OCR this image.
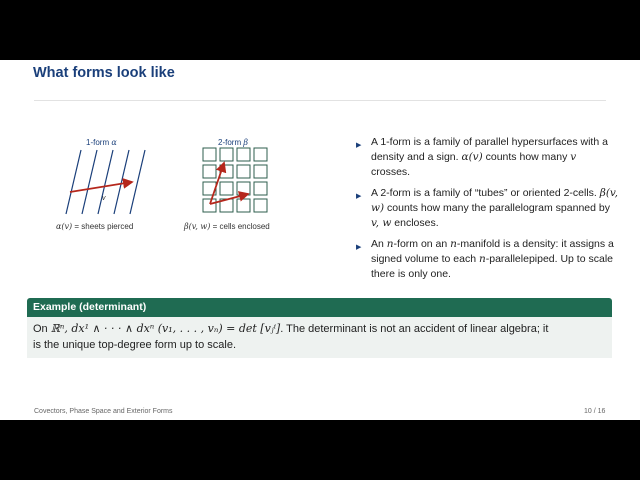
What forms look like
1-form α
v
2-form β
α(v) = sheets pierced	β(v, w) = cells enclosed
▶ A 1-form is a family of parallel hypersurfaces with a density and a sign. α(v) counts how many v crosses.
▶ A 2-form is a family of “tubes” or oriented 2-cells. β(v, w) counts how many the parallelogram spanned by v, w encloses.
▶ An n-form on an n-manifold is a density: it assigns a signed volume to each n-parallelepiped. Up to scale there is only one.
Example (determinant)
On ℝⁿ, dx¹ ∧ · · · ∧ dxⁿ (v₁, . . . , vₙ) = det [vⱼⁱ]. The determinant is not an accident of linear algebra; it
is the unique top-degree form up to scale.
Covectors, Phase Space and Exterior Forms	10 / 16
